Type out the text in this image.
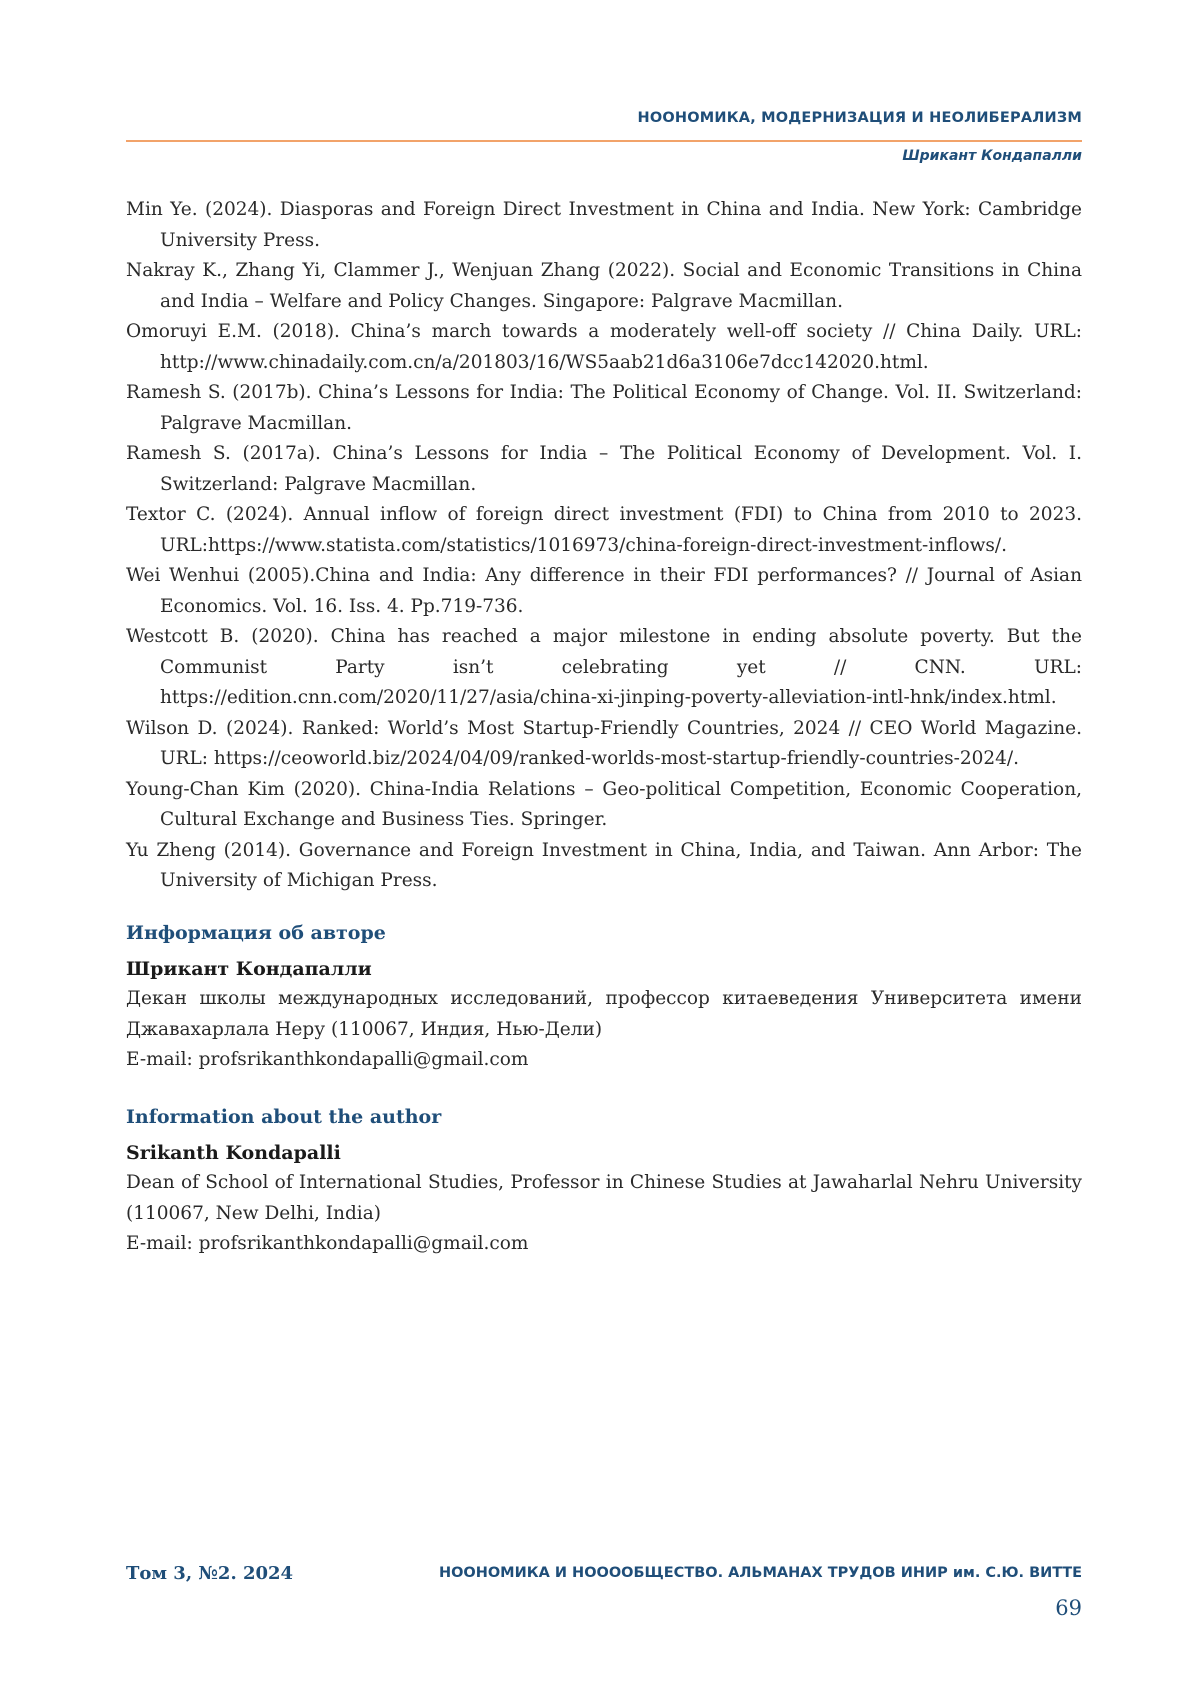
НООНОМИКА, МОДЕРНИЗАЦИЯ И НЕОЛИБЕРАЛИЗМ
Шрикант Кондапалли
Min Ye. (2024). Diasporas and Foreign Direct Investment in China and India. New York: Cambridge University Press.
Nakray K., Zhang Yi, Clammer J., Wenjuan Zhang (2022). Social and Economic Transitions in China and India – Welfare and Policy Changes. Singapore: Palgrave Macmillan.
Omoruyi E.M. (2018). China’s march towards a moderately well-off society // China Daily. URL: http://www.chinadaily.com.cn/a/201803/16/WS5aab21d6a3106e7dcc142020.html.
Ramesh S. (2017b). China’s Lessons for India: The Political Economy of Change. Vol. II. Switzerland: Palgrave Macmillan.
Ramesh S. (2017a). China’s Lessons for India – The Political Economy of Development. Vol. I. Switzerland: Palgrave Macmillan.
Textor C. (2024). Annual inflow of foreign direct investment (FDI) to China from 2010 to 2023. URL:https://www.statista.com/statistics/1016973/china-foreign-direct-investment-inflows/.
Wei Wenhui (2005).China and India: Any difference in their FDI performances? // Journal of Asian Economics. Vol. 16. Iss. 4. Pp.719-736.
Westcott B. (2020). China has reached a major milestone in ending absolute poverty. But the Communist Party isn’t celebrating yet // CNN. URL: https://edition.cnn.com/2020/11/27/asia/china-xi-jinping-poverty-alleviation-intl-hnk/index.html.
Wilson D. (2024). Ranked: World’s Most Startup-Friendly Countries, 2024 // CEO World Magazine. URL: https://ceoworld.biz/2024/04/09/ranked-worlds-most-startup-friendly-countries-2024/.
Young-Chan Kim (2020). China-India Relations – Geo-political Competition, Economic Cooperation, Cultural Exchange and Business Ties. Springer.
Yu Zheng (2014). Governance and Foreign Investment in China, India, and Taiwan. Ann Arbor: The University of Michigan Press.
Информация об авторе
Шрикант Кондапалли
Декан школы международных исследований, профессор китаеведения Университета имени Джавахарлала Неру (110067, Индия, Нью-Дели)
E-mail: profsrikanthkondapalli@gmail.com
Information about the author
Srikanth Kondapalli
Dean of School of International Studies, Professor in Chinese Studies at Jawaharlal Nehru University (110067, New Delhi, India)
E-mail: profsrikanthkondapalli@gmail.com
Том 3, №2. 2024	НООНОМИКА И НООООБЩЕСТВО. АЛЬМАНАХ ТРУДОВ ИНИР им. С.Ю. ВИТТЕ
69
